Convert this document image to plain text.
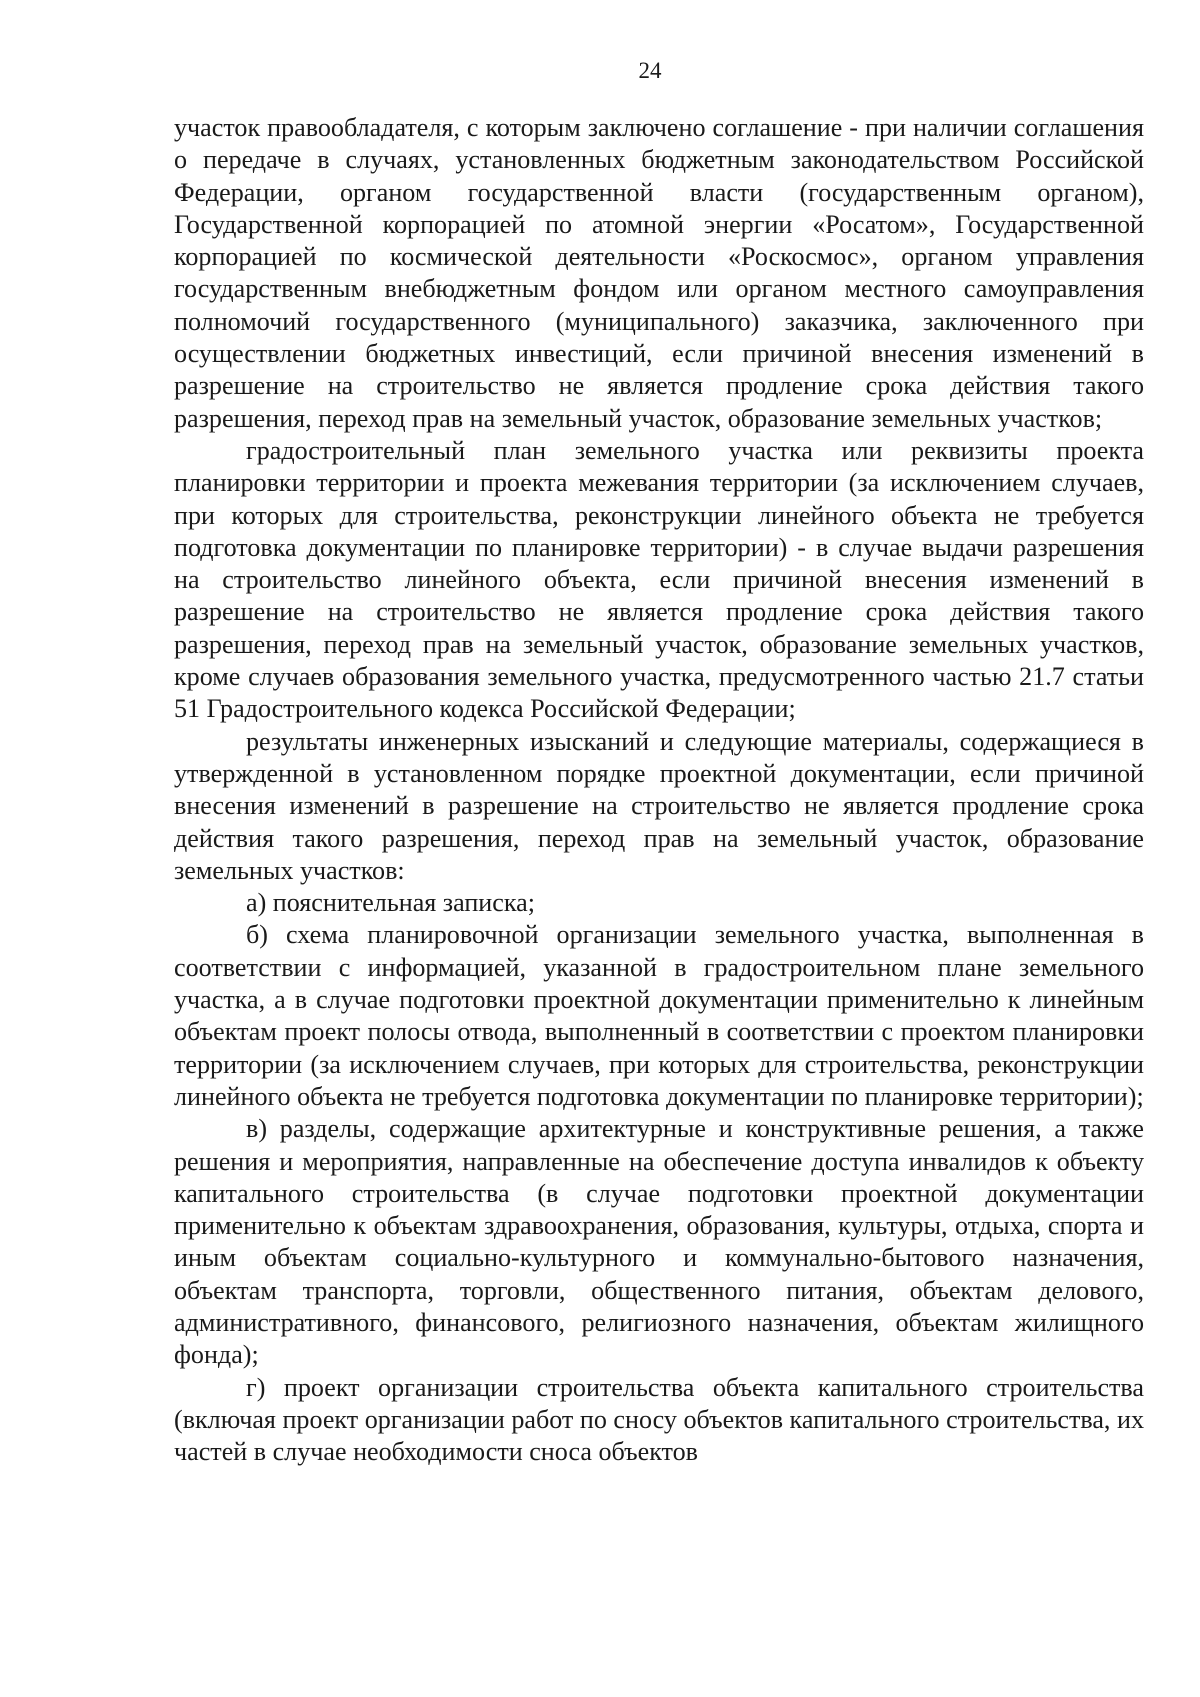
24

участок правообладателя, с которым заключено соглашение - при наличии соглашения о передаче в случаях, установленных бюджетным законодательством Российской Федерации, органом государственной власти (государственным органом), Государственной корпорацией по атомной энергии «Росатом», Государственной корпорацией по космической деятельности «Роскосмос», органом управления государственным внебюджетным фондом или органом местного самоуправления полномочий государственного (муниципального) заказчика, заключенного при осуществлении бюджетных инвестиций, если причиной внесения изменений в разрешение на строительство не является продление срока действия такого разрешения, переход прав на земельный участок, образование земельных участков;

градостроительный план земельного участка или реквизиты проекта планировки территории и проекта межевания территории (за исключением случаев, при которых для строительства, реконструкции линейного объекта не требуется подготовка документации по планировке территории) - в случае выдачи разрешения на строительство линейного объекта, если причиной внесения изменений в разрешение на строительство не является продление срока действия такого разрешения, переход прав на земельный участок, образование земельных участков, кроме случаев образования земельного участка, предусмотренного частью 21.7 статьи 51 Градостроительного кодекса Российской Федерации;

результаты инженерных изысканий и следующие материалы, содержащиеся в утвержденной в установленном порядке проектной документации, если причиной внесения изменений в разрешение на строительство не является продление срока действия такого разрешения, переход прав на земельный участок, образование земельных участков:

а) пояснительная записка;

б) схема планировочной организации земельного участка, выполненная в соответствии с информацией, указанной в градостроительном плане земельного участка, а в случае подготовки проектной документации применительно к линейным объектам проект полосы отвода, выполненный в соответствии с проектом планировки территории (за исключением случаев, при которых для строительства, реконструкции линейного объекта не требуется подготовка документации по планировке территории);

в) разделы, содержащие архитектурные и конструктивные решения, а также решения и мероприятия, направленные на обеспечение доступа инвалидов к объекту капитального строительства (в случае подготовки проектной документации применительно к объектам здравоохранения, образования, культуры, отдыха, спорта и иным объектам социально-культурного и коммунально-бытового назначения, объектам транспорта, торговли, общественного питания, объектам делового, административного, финансового, религиозного назначения, объектам жилищного фонда);

г) проект организации строительства объекта капитального строительства (включая проект организации работ по сносу объектов капитального строительства, их частей в случае необходимости сноса объектов
